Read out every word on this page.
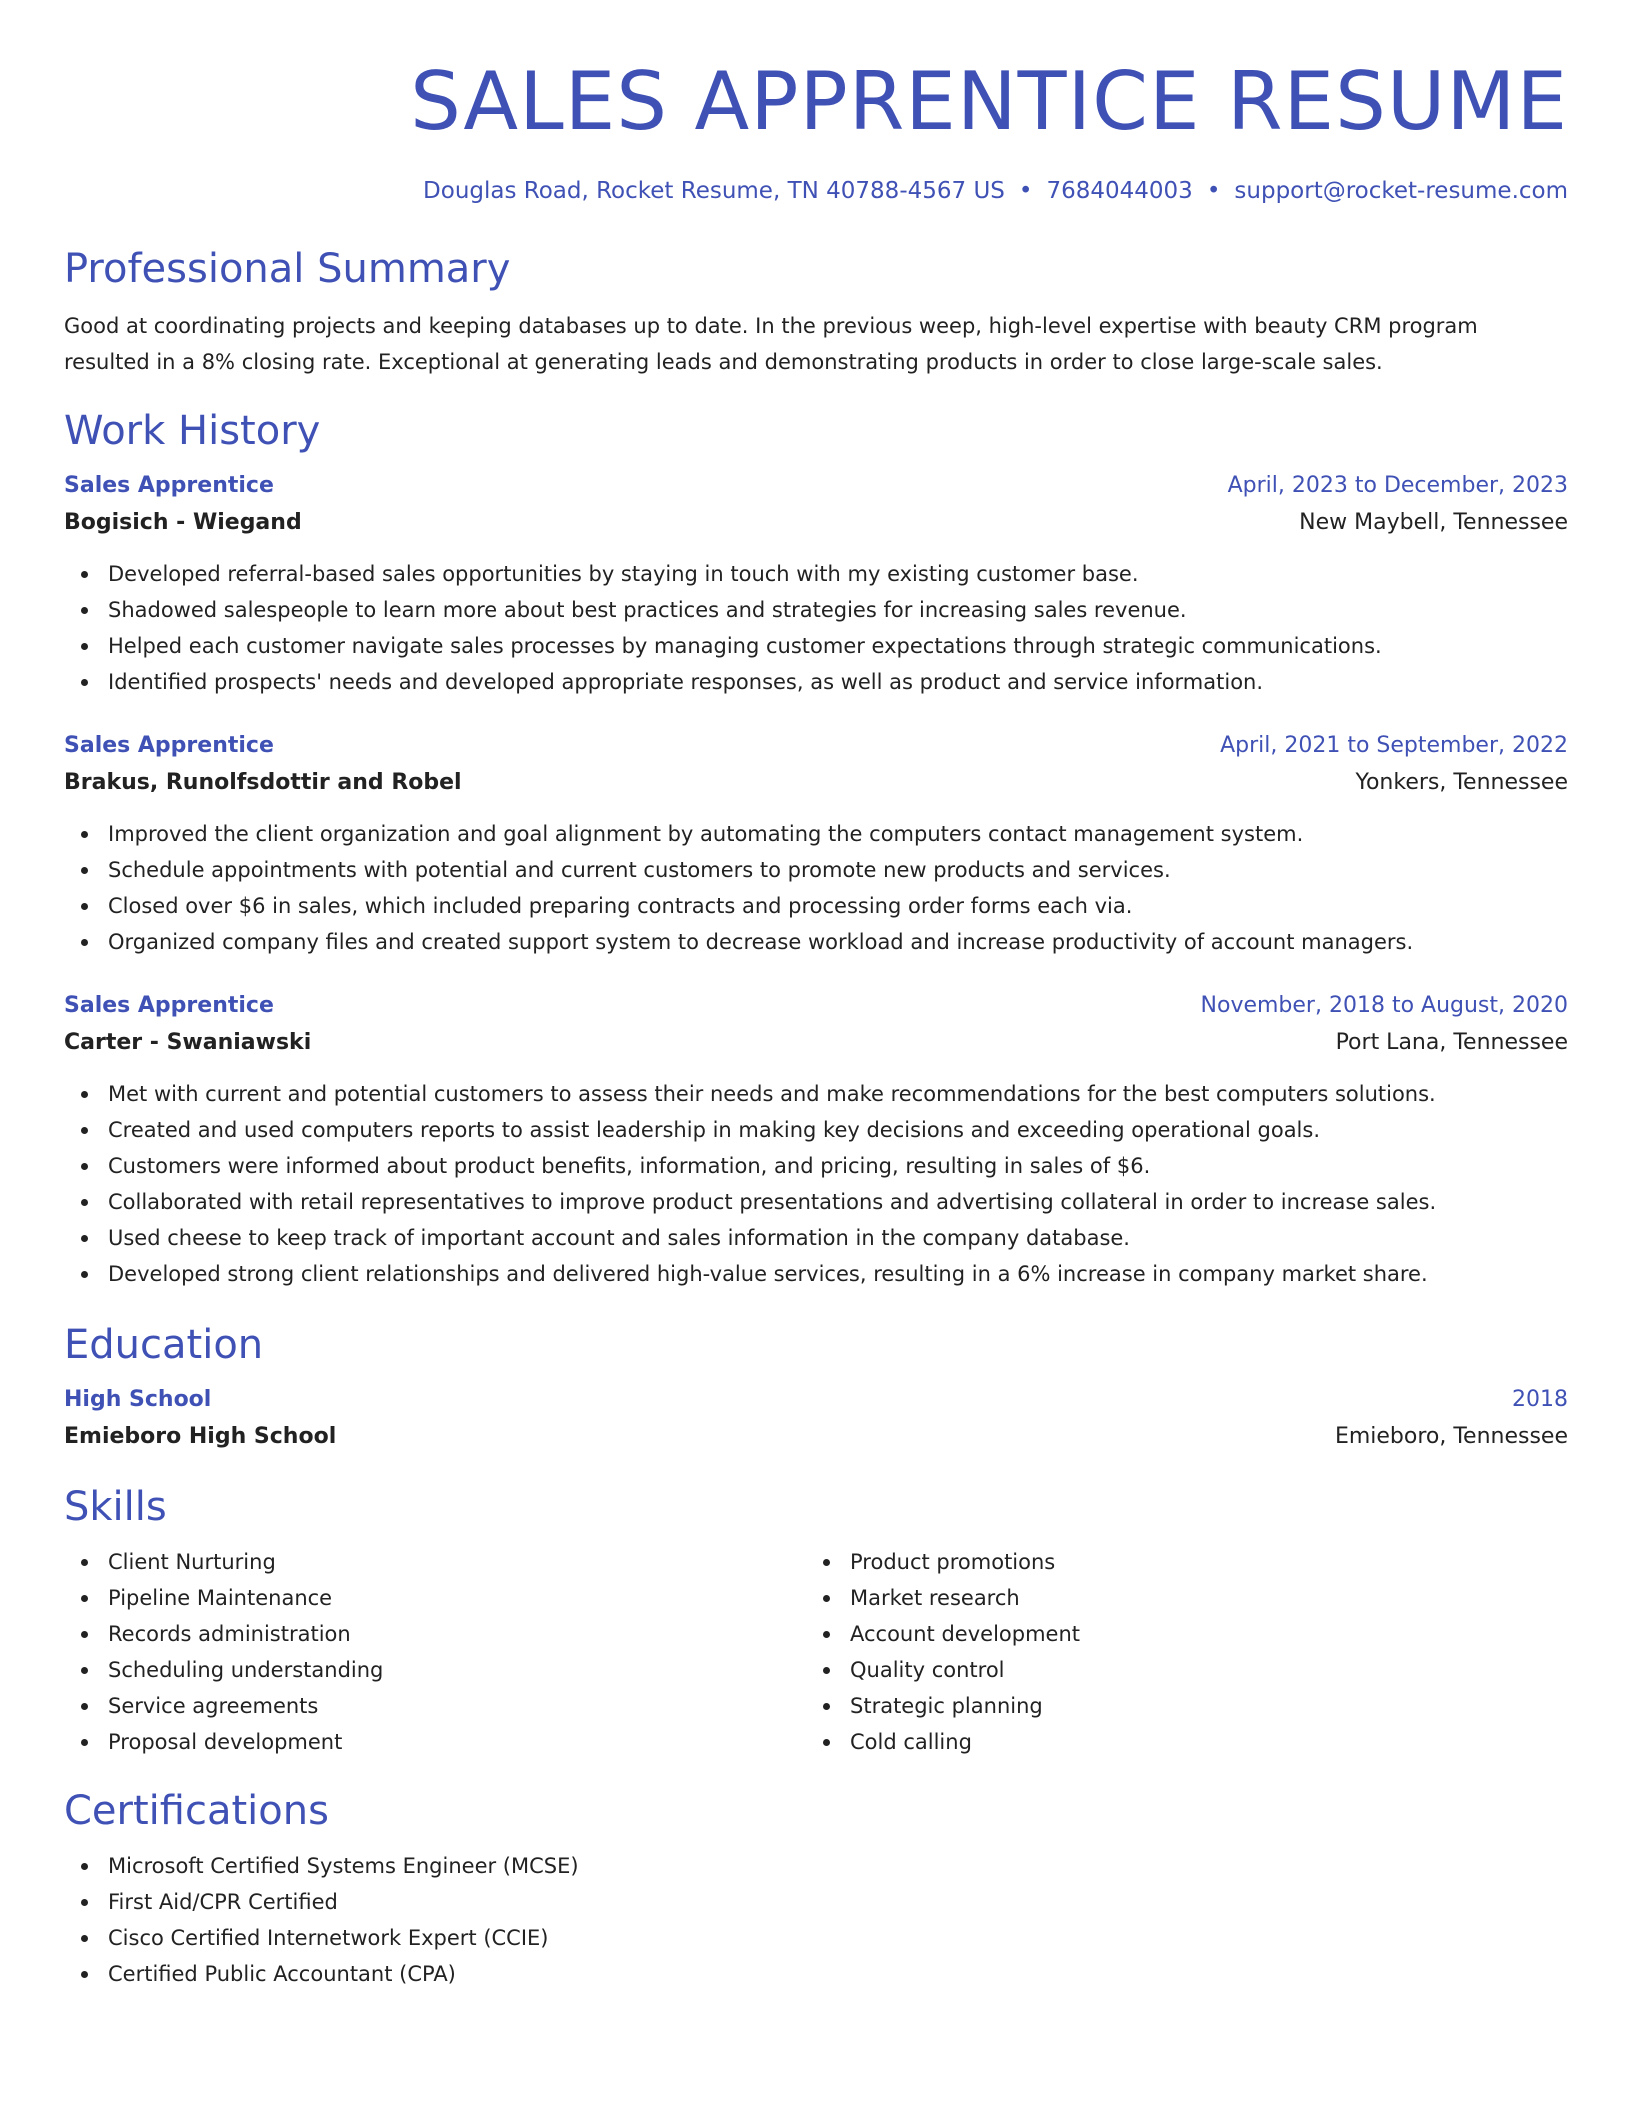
SALES APPRENTICE RESUME
Douglas Road, Rocket Resume, TN 40788-4567 US • 7684044003 • support@rocket-resume.com
Professional Summary
Good at coordinating projects and keeping databases up to date. In the previous weep, high-level expertise with beauty CRM program resulted in a 8% closing rate. Exceptional at generating leads and demonstrating products in order to close large-scale sales.
Work History
Sales Apprentice	April, 2023 to December, 2023
Bogisich - Wiegand	New Maybell, Tennessee
Developed referral-based sales opportunities by staying in touch with my existing customer base.
Shadowed salespeople to learn more about best practices and strategies for increasing sales revenue.
Helped each customer navigate sales processes by managing customer expectations through strategic communications.
Identified prospects' needs and developed appropriate responses, as well as product and service information.
Sales Apprentice	April, 2021 to September, 2022
Brakus, Runolfsdottir and Robel	Yonkers, Tennessee
Improved the client organization and goal alignment by automating the computers contact management system.
Schedule appointments with potential and current customers to promote new products and services.
Closed over $6 in sales, which included preparing contracts and processing order forms each via.
Organized company files and created support system to decrease workload and increase productivity of account managers.
Sales Apprentice	November, 2018 to August, 2020
Carter - Swaniawski	Port Lana, Tennessee
Met with current and potential customers to assess their needs and make recommendations for the best computers solutions.
Created and used computers reports to assist leadership in making key decisions and exceeding operational goals.
Customers were informed about product benefits, information, and pricing, resulting in sales of $6.
Collaborated with retail representatives to improve product presentations and advertising collateral in order to increase sales.
Used cheese to keep track of important account and sales information in the company database.
Developed strong client relationships and delivered high-value services, resulting in a 6% increase in company market share.
Education
High School	2018
Emieboro High School	Emieboro, Tennessee
Skills
Client Nurturing
Pipeline Maintenance
Records administration
Scheduling understanding
Service agreements
Proposal development
Product promotions
Market research
Account development
Quality control
Strategic planning
Cold calling
Certifications
Microsoft Certified Systems Engineer (MCSE)
First Aid/CPR Certified
Cisco Certified Internetwork Expert (CCIE)
Certified Public Accountant (CPA)
